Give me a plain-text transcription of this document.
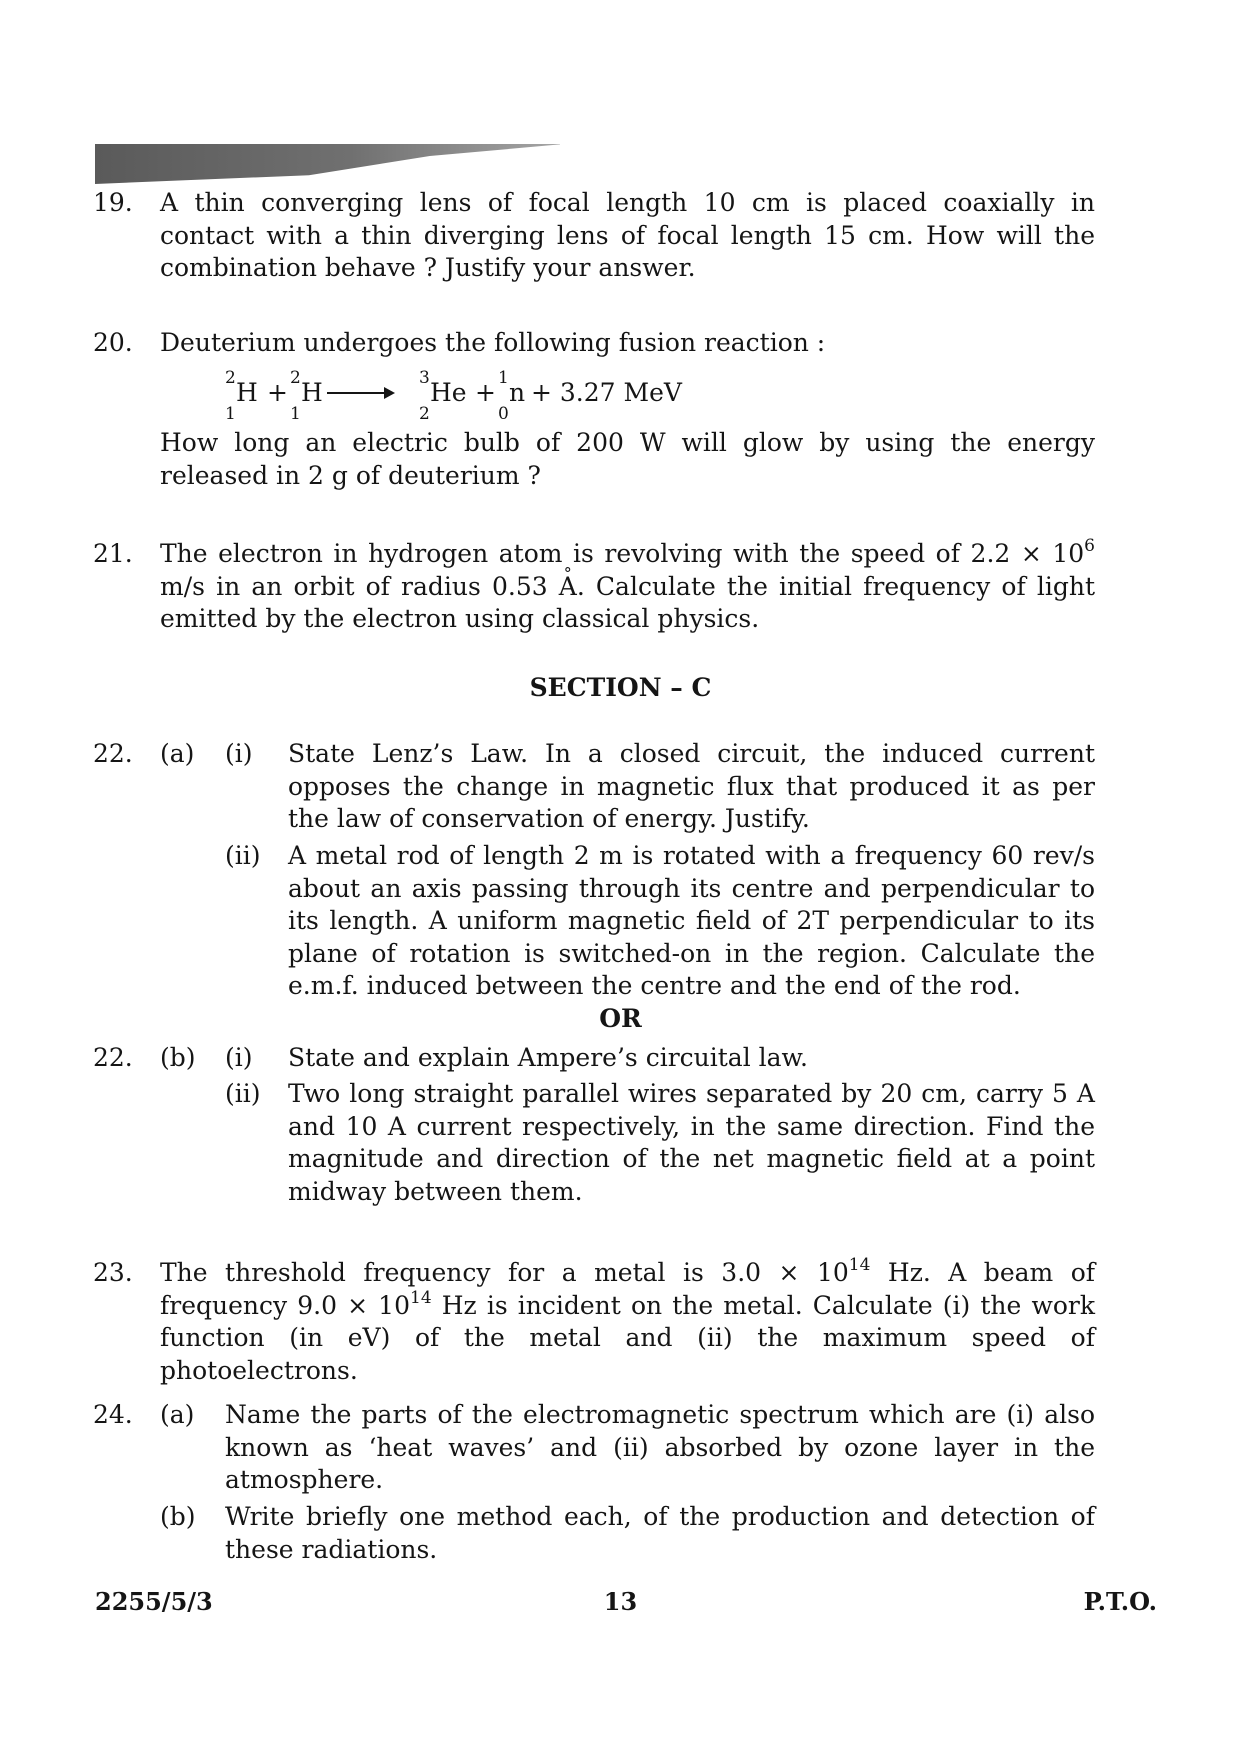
19. A thin converging lens of focal length 10 cm is placed coaxially in contact with a thin diverging lens of focal length 15 cm. How will the combination behave ? Justify your answer.

20. Deuterium undergoes the following fusion reaction :

2
1
H + 2
1
H →
3
2
He + 1
0
n + 3.27 MeV

How long an electric bulb of 200 W will glow by using the energy released in 2 g of deuterium ?

21. The electron in hydrogen atom is revolving with the speed of $2.2 \times 10^6$ m/s in an orbit of radius 0.53 ° A. Calculate the initial frequency of light emitted by the electron using classical physics.

SECTION – C
22. (a) (i) State Lenz’s Law. In a closed circuit, the induced current opposes the change in magnetic flux that produced it as per the law of conservation of energy. Justify.

(ii) A metal rod of length 2 m is rotated with a frequency 60 rev/s about an axis passing through its centre and perpendicular to its length. A uniform magnetic field of 2T perpendicular to its plane of rotation is switched-on in the region. Calculate the e.m.f. induced between the centre and the end of the rod.

OR
22. (b) (i) State and explain Ampere’s circuital law.

(ii) Two long straight parallel wires separated by 20 cm, carry 5 A and 10 A current respectively, in the same direction. Find the magnitude and direction of the net magnetic field at a point midway between them.

23. The threshold frequency for a metal is $3.0 \times 10^{14}$ Hz. A beam of frequency $9.0 \times 10^{14}$ Hz is incident on the metal. Calculate (i) the work function (in eV) of the metal and (ii) the maximum speed of photoelectrons.

24. (a) Name the parts of the electromagnetic spectrum which are (i) also known as ‘heat waves’ and (ii) absorbed by ozone layer in the atmosphere.

(b) Write briefly one method each, of the production and detection of these radiations.

2255/5/3	13	P.T.O.
